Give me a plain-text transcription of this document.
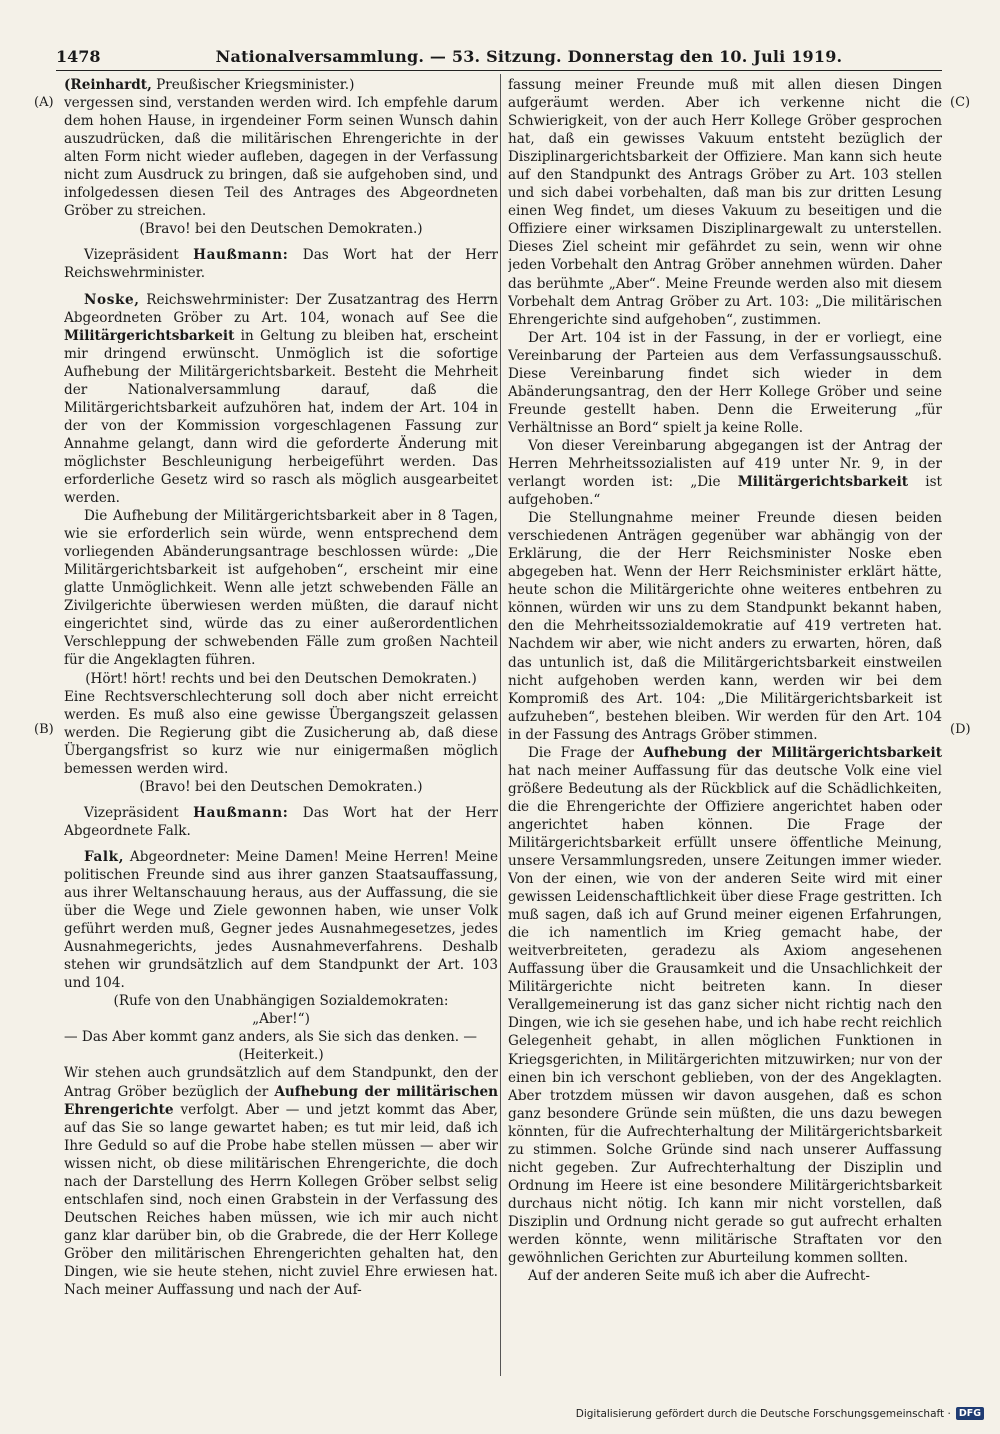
1478	Nationalversammlung. — 53. Sitzung. Donnerstag den 10. Juli 1919.

(Reinhardt, Preußischer Kriegsminister.)

vergessen sind, verstanden werden wird. Ich empfehle darum dem hohen Hause, in irgendeiner Form seinen Wunsch dahin auszudrücken, daß die militärischen Ehrengerichte in der alten Form nicht wieder aufleben, dagegen in der Verfassung nicht zum Ausdruck zu bringen, daß sie aufgehoben sind, und infolgedessen diesen Teil des Antrages des Abgeordneten Gröber zu streichen.

(Bravo! bei den Deutschen Demokraten.)

Vizepräsident Haußmann: Das Wort hat der Herr Reichswehrminister.

Noske, Reichswehrminister: Der Zusatzantrag des Herrn Abgeordneten Gröber zu Art. 104, wonach auf See die Militärgerichtsbarkeit in Geltung zu bleiben hat, erscheint mir dringend erwünscht. Unmöglich ist die sofortige Aufhebung der Militärgerichtsbarkeit. Besteht die Mehrheit der Nationalversammlung darauf, daß die Militärgerichtsbarkeit aufzuhören hat, indem der Art. 104 in der von der Kommission vorgeschlagenen Fassung zur Annahme gelangt, dann wird die geforderte Änderung mit möglichster Beschleunigung herbeigeführt werden. Das erforderliche Gesetz wird so rasch als möglich ausgearbeitet werden.

Die Aufhebung der Militärgerichtsbarkeit aber in 8 Tagen, wie sie erforderlich sein würde, wenn entsprechend dem vorliegenden Abänderungsantrage beschlossen würde: „Die Militärgerichtsbarkeit ist aufgehoben“, erscheint mir eine glatte Unmöglichkeit. Wenn alle jetzt schwebenden Fälle an Zivilgerichte überwiesen werden müßten, die darauf nicht eingerichtet sind, würde das zu einer außerordentlichen Verschleppung der schwebenden Fälle zum großen Nachteil für die Angeklagten führen.

(Hört! hört! rechts und bei den Deutschen Demokraten.)

Eine Rechtsverschlechterung soll doch aber nicht erreicht werden. Es muß also eine gewisse Übergangszeit gelassen werden. Die Regierung gibt die Zusicherung ab, daß diese Übergangsfrist so kurz wie nur einigermaßen möglich bemessen werden wird.

(Bravo! bei den Deutschen Demokraten.)

Vizepräsident Haußmann: Das Wort hat der Herr Abgeordnete Falk.

Falk, Abgeordneter: Meine Damen! Meine Herren! Meine politischen Freunde sind aus ihrer ganzen Staatsauffassung, aus ihrer Weltanschauung heraus, aus der Auffassung, die sie über die Wege und Ziele gewonnen haben, wie unser Volk geführt werden muß, Gegner jedes Ausnahmegesetzes, jedes Ausnahmegerichts, jedes Ausnahmeverfahrens. Deshalb stehen wir grundsätzlich auf dem Standpunkt der Art. 103 und 104.

(Rufe von den Unabhängigen Sozialdemokraten:

„Aber!“)

— Das Aber kommt ganz anders, als Sie sich das denken. —

(Heiterkeit.)

Wir stehen auch grundsätzlich auf dem Standpunkt, den der Antrag Gröber bezüglich der Aufhebung der militärischen Ehrengerichte verfolgt. Aber — und jetzt kommt das Aber, auf das Sie so lange gewartet haben; es tut mir leid, daß ich Ihre Geduld so auf die Probe habe stellen müssen — aber wir wissen nicht, ob diese militärischen Ehrengerichte, die doch nach der Darstellung des Herrn Kollegen Gröber selbst selig entschlafen sind, noch einen Grabstein in der Verfassung des Deutschen Reiches haben müssen, wie ich mir auch nicht ganz klar darüber bin, ob die Grabrede, die der Herr Kollege Gröber den militärischen Ehrengerichten gehalten hat, den Dingen, wie sie heute stehen, nicht zuviel Ehre erwiesen hat. Nach meiner Auffassung und nach der Auf-

fassung meiner Freunde muß mit allen diesen Dingen aufgeräumt werden. Aber ich verkenne nicht die Schwierigkeit, von der auch Herr Kollege Gröber gesprochen hat, daß ein gewisses Vakuum entsteht bezüglich der Disziplinargerichtsbarkeit der Offiziere. Man kann sich heute auf den Standpunkt des Antrags Gröber zu Art. 103 stellen und sich dabei vorbehalten, daß man bis zur dritten Lesung einen Weg findet, um dieses Vakuum zu beseitigen und die Offiziere einer wirksamen Disziplinargewalt zu unterstellen. Dieses Ziel scheint mir gefährdet zu sein, wenn wir ohne jeden Vorbehalt den Antrag Gröber annehmen würden. Daher das berühmte „Aber“. Meine Freunde werden also mit diesem Vorbehalt dem Antrag Gröber zu Art. 103: „Die militärischen Ehrengerichte sind aufgehoben“, zustimmen.

Der Art. 104 ist in der Fassung, in der er vorliegt, eine Vereinbarung der Parteien aus dem Verfassungsausschuß. Diese Vereinbarung findet sich wieder in dem Abänderungsantrag, den der Herr Kollege Gröber und seine Freunde gestellt haben. Denn die Erweiterung „für Verhältnisse an Bord“ spielt ja keine Rolle.

Von dieser Vereinbarung abgegangen ist der Antrag der Herren Mehrheitssozialisten auf 419 unter Nr. 9, in der verlangt worden ist: „Die Militärgerichtsbarkeit ist aufgehoben.“

Die Stellungnahme meiner Freunde diesen beiden verschiedenen Anträgen gegenüber war abhängig von der Erklärung, die der Herr Reichsminister Noske eben abgegeben hat. Wenn der Herr Reichsminister erklärt hätte, heute schon die Militärgerichte ohne weiteres entbehren zu können, würden wir uns zu dem Standpunkt bekannt haben, den die Mehrheitssozialdemokratie auf 419 vertreten hat. Nachdem wir aber, wie nicht anders zu erwarten, hören, daß das untunlich ist, daß die Militärgerichtsbarkeit einstweilen nicht aufgehoben werden kann, werden wir bei dem Kompromiß des Art. 104: „Die Militärgerichtsbarkeit ist aufzuheben“, bestehen bleiben. Wir werden für den Art. 104 in der Fassung des Antrags Gröber stimmen.

Die Frage der Aufhebung der Militärgerichtsbarkeit hat nach meiner Auffassung für das deutsche Volk eine viel größere Bedeutung als der Rückblick auf die Schädlichkeiten, die die Ehrengerichte der Offiziere angerichtet haben oder angerichtet haben können. Die Frage der Militärgerichtsbarkeit erfüllt unsere öffentliche Meinung, unsere Versammlungsreden, unsere Zeitungen immer wieder. Von der einen, wie von der anderen Seite wird mit einer gewissen Leidenschaftlichkeit über diese Frage gestritten. Ich muß sagen, daß ich auf Grund meiner eigenen Erfahrungen, die ich namentlich im Krieg gemacht habe, der weitverbreiteten, geradezu als Axiom angesehenen Auffassung über die Grausamkeit und die Unsachlichkeit der Militärgerichte nicht beitreten kann. In dieser Verallgemeinerung ist das ganz sicher nicht richtig nach den Dingen, wie ich sie gesehen habe, und ich habe recht reichlich Gelegenheit gehabt, in allen möglichen Funktionen in Kriegsgerichten, in Militärgerichten mitzuwirken; nur von der einen bin ich verschont geblieben, von der des Angeklagten. Aber trotzdem müssen wir davon ausgehen, daß es schon ganz besondere Gründe sein müßten, die uns dazu bewegen könnten, für die Aufrechterhaltung der Militärgerichtsbarkeit zu stimmen. Solche Gründe sind nach unserer Auffassung nicht gegeben. Zur Aufrechterhaltung der Disziplin und Ordnung im Heere ist eine besondere Militärgerichtsbarkeit durchaus nicht nötig. Ich kann mir nicht vorstellen, daß Disziplin und Ordnung nicht gerade so gut aufrecht erhalten werden könnte, wenn militärische Straftaten vor den gewöhnlichen Gerichten zur Aburteilung kommen sollten.

Auf der anderen Seite muß ich aber die Aufrecht-

(A)
(B)
(C)
(D)
Digitalisierung gefördert durch die Deutsche Forschungsgemeinschaft · DFG
